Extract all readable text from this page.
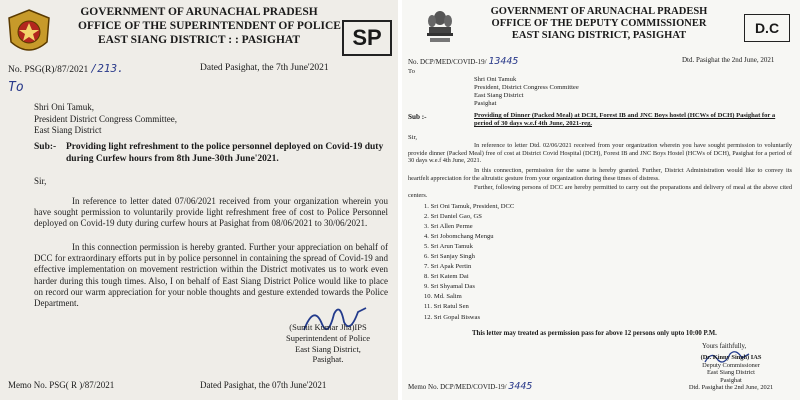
GOVERNMENT OF ARUNACHAL PRADESH
OFFICE OF THE SUPERINTENDENT OF POLICE
EAST SIANG DISTRICT : : PASIGHAT	SP
No. PSG(R)/87/2021 /213.	Dated Pasighat, the 7th June'2021
To
Shri Oni Tamuk,
President District Congress Committee,
East Siang District
Sub:- Providing light refreshment to the police personnel deployed on Covid-19 duty during Curfew hours from 8th June-30th June'2021.
Sir,
In reference to letter dated 07/06/2021 received from your organization wherein you have sought permission to voluntarily provide light refreshment free of cost to Police Personnel deployed on Covid-19 duty during curfew hours at Pasighat from 08/06/2021 to 30/06/2021.
In this connection permission is hereby granted. Further your appreciation on behalf of DCC for extraordinary efforts put in by police personnel in containing the spread of Covid-19 and effective implementation on movement restriction within the District motivates us to work even harder during this tough times. Also, I on behalf of East Siang District Police would like to place on record our warm appreciation for your noble thoughts and gesture extended towards the Police Department.
(Sumit Kumar Jha)IPS
Superintendent of Police
East Siang District,
Pasighat.
Memo No. PSG( R )/87/2021	Dated Pasighat, the 07th June'2021
GOVERNMENT OF ARUNACHAL PRADESH
OFFICE OF THE DEPUTY COMMISSIONER
EAST SIANG DISTRICT, PASIGHAT	D.C
No. DCP/MED/COVID-19/ 13445	Dtd. Pasighat the 2nd June, 2021
To
Shri Oni Tamuk
President, District Congress Committee
East Siang District
Pasighat
Sub :-	Providing of Dinner (Packed Meal) at DCH, Forest IB and JNC Boys hostel (HCWs of DCH) Pasighat for a period of 30 days w.e.f 4th June, 2021-reg.
Sir,
In reference to letter Dtd. 02/06/2021 received from your organization wherein you have sought permission to voluntarily provide dinner (Packed Meal) free of cost at District Covid Hospital (DCH), Forest IB and JNC Boys Hostel (HCWs of DCH), Pasighat for a period of 30 days w.e.f 4th June, 2021.
In this connection, permission for the same is hereby granted. Further, District Administration would like to convey its heartfelt appreciation for the altruistic gesture from your organization during these times of distress.
Further, following persons of DCC are hereby permitted to carry out the preparations and delivery of meal at the above cited centers.
1. Sri Oni Tamuk, President, DCC
2. Sri Daniel Gao, GS
3. Sri Allen Perme
4. Sri Jobomchang Mengu
5. Sri Arun Tamuk
6. Sri Sanjay Singh
7. Sri Apak Pertin
8. Sri Katem Dai
9. Sri Shyamal Das
10. Md. Salim
11. Sri Ratul Sen
12. Sri Gopal Biswas
This letter may treated as permission pass for above 12 persons only upto 10:00 P.M.
Yours faithfully,
(Dr. Kinny Singh) IAS
Deputy Commissioner
East Siang District
Pasighat
Dtd. Pasighat the 2nd June, 2021
Memo No. DCP/MED/COVID-19/ 3445
